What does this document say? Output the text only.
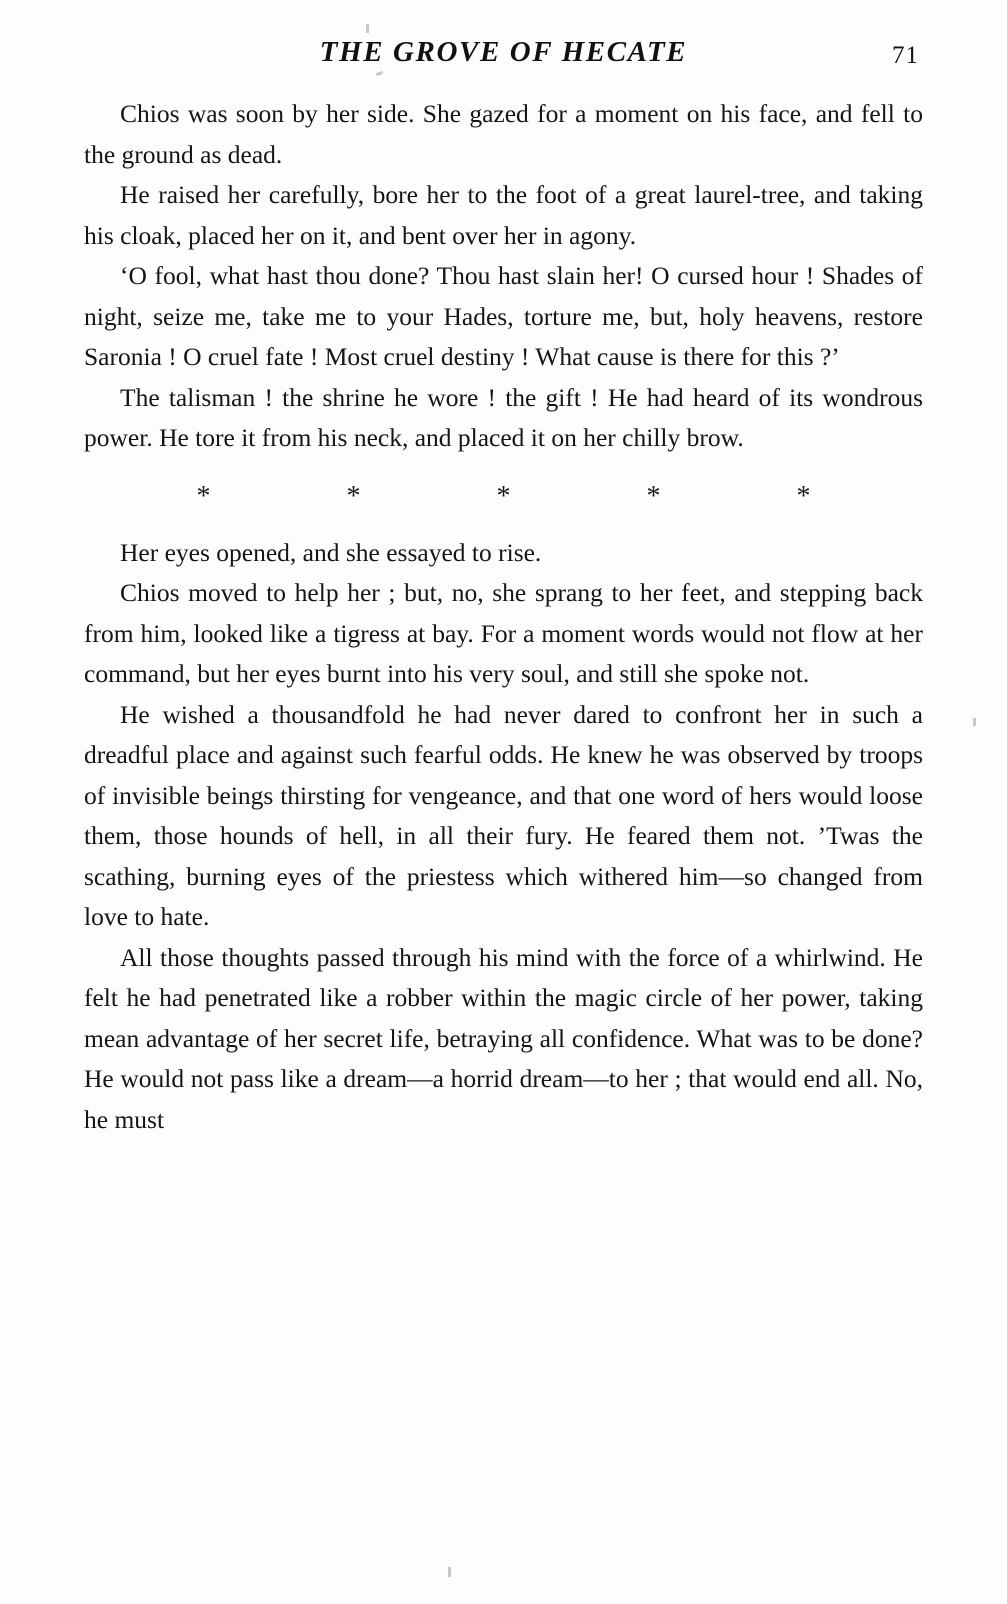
THE GROVE OF HECATE	71

Chios was soon by her side. She gazed for a moment on his face, and fell to the ground as dead.

He raised her carefully, bore her to the foot of a great laurel-tree, and taking his cloak, placed her on it, and bent over her in agony.

‘O fool, what hast thou done? Thou hast slain her! O cursed hour ! Shades of night, seize me, take me to your Hades, torture me, but, holy heavens, restore Saronia ! O cruel fate ! Most cruel destiny ! What cause is there for this ?’

The talisman ! the shrine he wore ! the gift ! He had heard of its wondrous power. He tore it from his neck, and placed it on her chilly brow.

*	*	*	*	*

Her eyes opened, and she essayed to rise.

Chios moved to help her ; but, no, she sprang to her feet, and stepping back from him, looked like a tigress at bay. For a moment words would not flow at her command, but her eyes burnt into his very soul, and still she spoke not.

He wished a thousandfold he had never dared to confront her in such a dreadful place and against such fearful odds. He knew he was observed by troops of invisible beings thirsting for vengeance, and that one word of hers would loose them, those hounds of hell, in all their fury. He feared them not. ’Twas the scathing, burning eyes of the priestess which withered him—so changed from love to hate.

All those thoughts passed through his mind with the force of a whirlwind. He felt he had penetrated like a robber within the magic circle of her power, taking mean advantage of her secret life, betraying all confidence. What was to be done? He would not pass like a dream—a horrid dream—to her ; that would end all. No, he must
